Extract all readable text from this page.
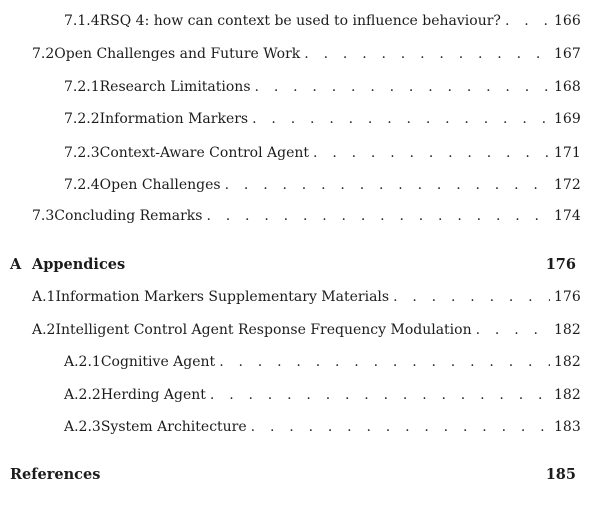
7.1.4 RSQ 4: how can context be used to influence behaviour? . . .	166
7.2 Open Challenges and Future Work . . .	167
7.2.1 Research Limitations . . .	168
7.2.2 Information Markers . . .	169
7.2.3 Context-Aware Control Agent . . .	171
7.2.4 Open Challenges . . .	172
7.3 Concluding Remarks . . .	174
A Appendices	176
A.1 Information Markers Supplementary Materials . . .	176
A.2 Intelligent Control Agent Response Frequency Modulation . . .	182
A.2.1 Cognitive Agent . . .	182
A.2.2 Herding Agent . . .	182
A.2.3 System Architecture . . .	183
References	185
